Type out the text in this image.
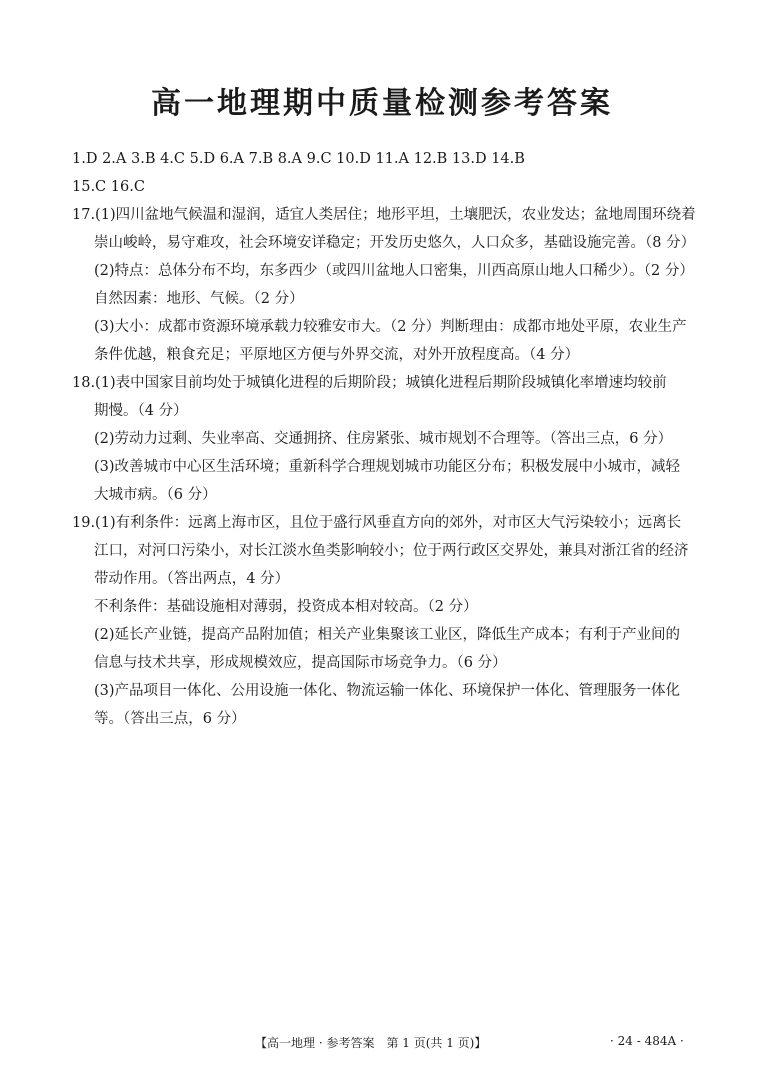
高一地理期中质量检测参考答案
1.D 2.A 3.B 4.C 5.D 6.A 7.B 8.A 9.C 10.D 11.A 12.B 13.D 14.B
15.C 16.C
17.(1)四川盆地气候温和湿润，适宜人类居住；地形平坦，土壤肥沃，农业发达；盆地周围环绕着
崇山峻岭，易守难攻，社会环境安详稳定；开发历史悠久，人口众多，基础设施完善。（8 分）
(2)特点：总体分布不均，东多西少（或四川盆地人口密集，川西高原山地人口稀少）。（2 分）
自然因素：地形、气候。（2 分）
(3)大小：成都市资源环境承载力较雅安市大。（2 分）判断理由：成都市地处平原，农业生产
条件优越，粮食充足；平原地区方便与外界交流，对外开放程度高。（4 分）
18.(1)表中国家目前均处于城镇化进程的后期阶段；城镇化进程后期阶段城镇化率增速均较前
期慢。（4 分）
(2)劳动力过剩、失业率高、交通拥挤、住房紧张、城市规划不合理等。（答出三点，6 分）
(3)改善城市中心区生活环境；重新科学合理规划城市功能区分布；积极发展中小城市，减轻
大城市病。（6 分）
19.(1)有利条件：远离上海市区，且位于盛行风垂直方向的郊外，对市区大气污染较小；远离长
江口，对河口污染小，对长江淡水鱼类影响较小；位于两行政区交界处，兼具对浙江省的经济
带动作用。（答出两点，4 分）
不利条件：基础设施相对薄弱，投资成本相对较高。（2 分）
(2)延长产业链，提高产品附加值；相关产业集聚该工业区，降低生产成本；有利于产业间的
信息与技术共享，形成规模效应，提高国际市场竞争力。（6 分）
(3)产品项目一体化、公用设施一体化、物流运输一体化、环境保护一体化、管理服务一体化
等。（答出三点，6 分）
【高一地理 · 参考答案　第 1 页(共 1 页)】	· 24 - 484A ·
